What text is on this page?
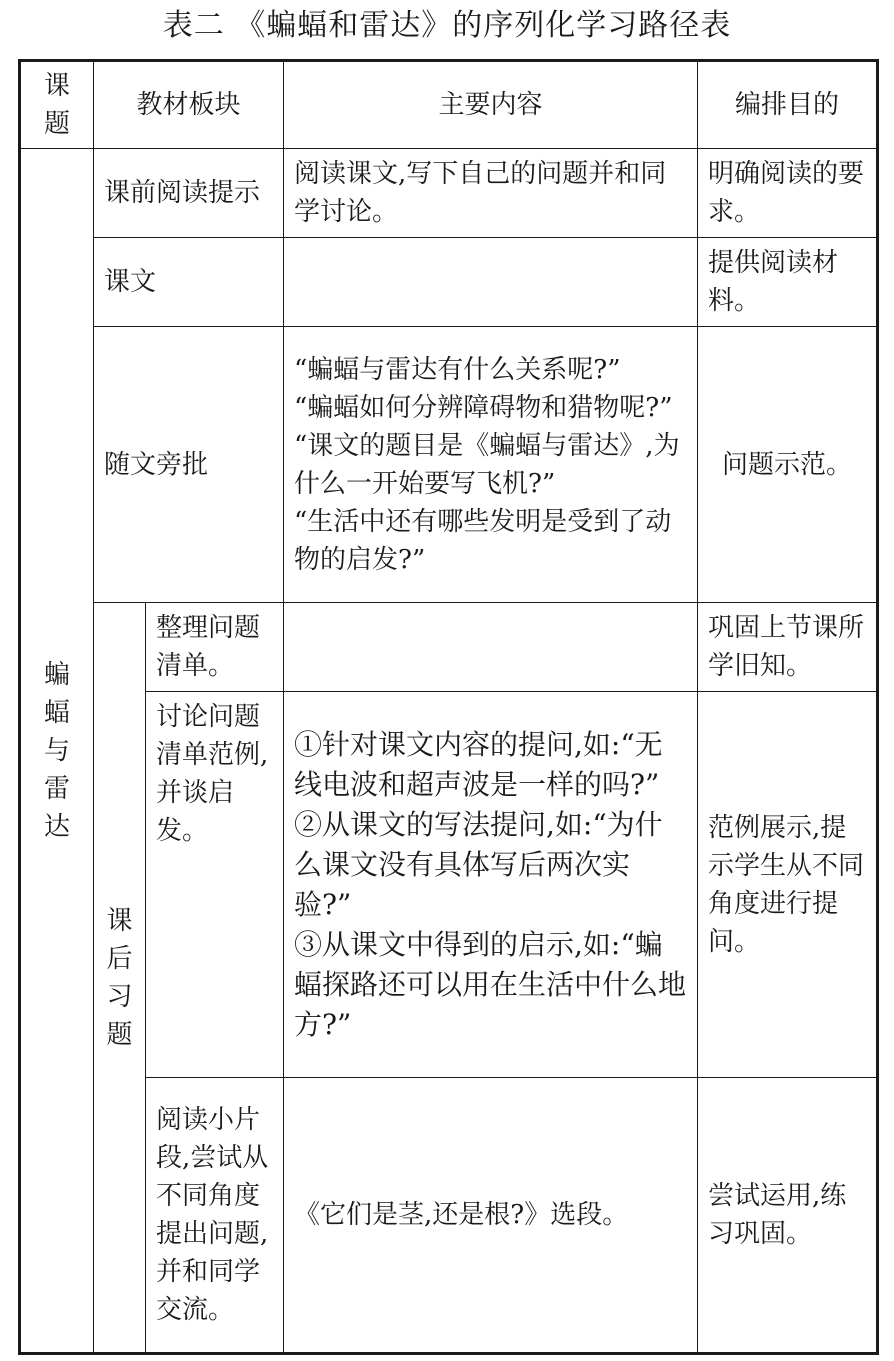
表二 《蝙蝠和雷达》的序列化学习路径表
课
题	教材板块		主要内容	编排目的

蝙
蝠
与
雷
达	课前阅读提示		阅读课文,写下自己的问题并和同学讨论。	明确阅读的要求。
	课文			提供阅读材料。
	随文旁批		“蝙蝠与雷达有什么关系呢?”
“蝙蝠如何分辨障碍物和猎物呢?”
“课文的题目是《蝙蝠与雷达》,为什么一开始要写飞机?”
“生活中还有哪些发明是受到了动物的启发?”	问题示范。

	课
后
习
题	整理问题清单。		巩固上节课所学旧知。
		讨论问题清单范例,并谈启发。	①针对课文内容的提问,如:“无线电波和超声波是一样的吗?”
②从课文的写法提问,如:“为什么课文没有具体写后两次实验?”
③从课文中得到的启示,如:“蝙蝠探路还可以用在生活中什么地方?”	范例展示,提示学生从不同角度进行提问。
		阅读小片段,尝试从不同角度提出问题,并和同学交流。	《它们是茎,还是根?》选段。	尝试运用,练习巩固。
